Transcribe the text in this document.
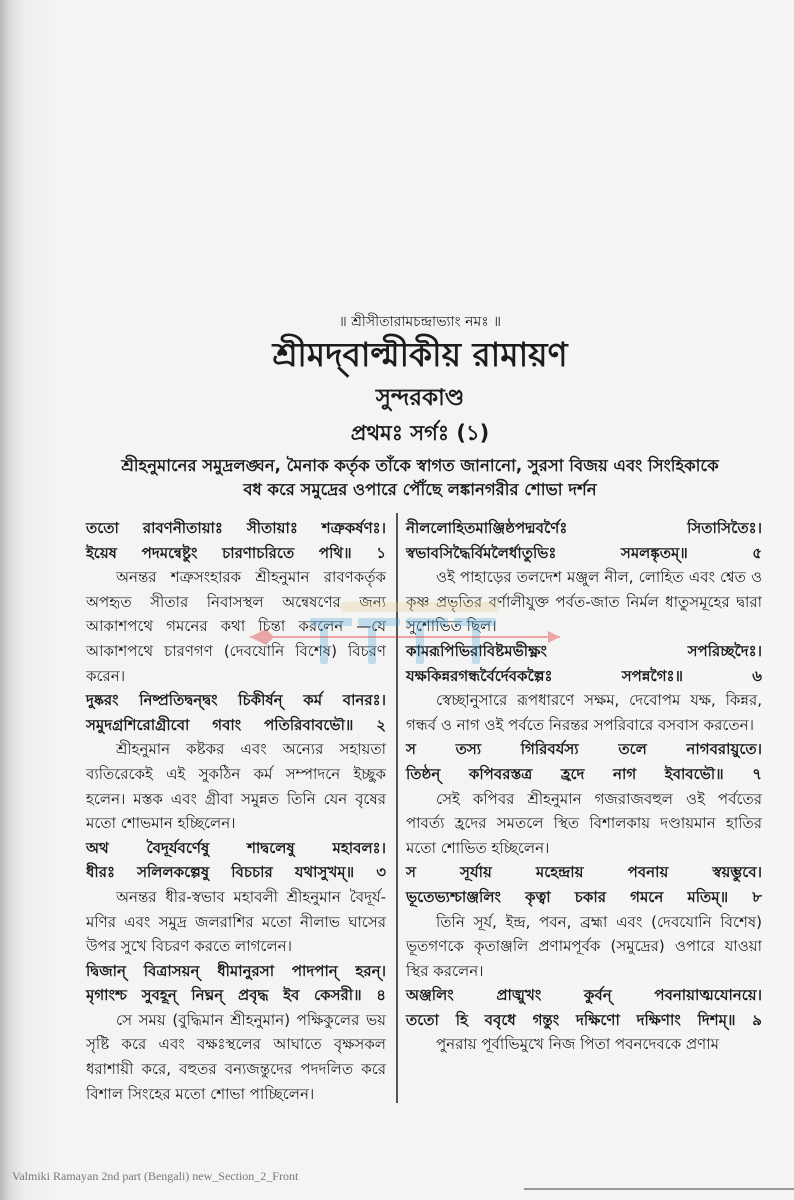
॥ শ্রীসীতারামচন্দ্রাভ্যাং নমঃ ॥
শ্রীমদ্‌বাল্মীকীয় রামায়ণ
সুন্দরকাণ্ড
প্রথমঃ সর্গঃ (১)
শ্রীহনুমানের সমুদ্রলঙ্ঘন, মৈনাক কর্তৃক তাঁকে স্বাগত জানানো, সুরসা বিজয় এবং সিংহিকাকে
বধ করে সমুদ্রের ওপারে পৌঁছে লঙ্কানগরীর শোভা দর্শন
ততো রাবণনীতায়াঃ সীতায়াঃ শত্রুকর্ষণঃ।
ইয়েষ পদমন্বেষ্টুং চারণাচরিতে পথি॥ ১
অনন্তর শত্রুসংহারক শ্রীহনুমান রাবণকর্তৃক অপহৃত সীতার নিবাসস্থল অন্বেষণের জন্য আকাশপথে গমনের কথা চিন্তা করলেন —যে আকাশপথে চারণগণ (দেবযোনি বিশেষ) বিচরণ করেন।
দুষ্করং নিষ্প্রতিদ্বন্দ্বং চিকীর্ষন্ কর্ম বানরঃ।
সমুদগ্রশিরোগ্রীবো গবাং পতিরিবাবভৌ॥ ২
শ্রীহনুমান কষ্টকর এবং অন্যের সহায়তা ব্যতিরেকেই এই সুকঠিন কর্ম সম্পাদনে ইচ্ছুক হলেন। মস্তক এবং গ্রীবা সমুন্নত তিনি যেন বৃষের মতো শোভমান হচ্ছিলেন।
অথ বৈদূর্যবর্ণেষু শাদ্বলেষু মহাবলঃ।
ধীরঃ সলিলকল্পেষু বিচচার যথাসুখম্॥ ৩
অনন্তর ধীর-স্বভাব মহাবলী শ্রীহনুমান বৈদূর্য-মণির এবং সমুদ্র জলরাশির মতো নীলাভ ঘাসের উপর সুখে বিচরণ করতে লাগলেন।
দ্বিজান্ বিত্রাসয়ন্ ধীমানুরসা পাদপান্ হরন্।
মৃগাংশ্চ সুবহূন্ নিঘ্নন্ প্রবৃদ্ধ ইব কেসরী॥ ৪
সে সময় (বুদ্ধিমান শ্রীহনুমান) পক্ষিকুলের ভয় সৃষ্টি করে এবং বক্ষঃস্থলের আঘাতে বৃক্ষসকল ধরাশায়ী করে, বহুতর বন্যজন্তুদের পদদলিত করে বিশাল সিংহের মতো শোভা পাচ্ছিলেন।
নীললোহিতমাঞ্জিষ্ঠপদ্মবর্ণৈঃ সিতাসিতৈঃ।
স্বভাবসিদ্ধৈর্বিমলৈর্ধাতুভিঃ সমলঙ্কৃতম্॥ ৫
ওই পাহাড়ের তলদেশ মঞ্জুল নীল, লোহিত এবং শ্বেত ও কৃষ্ণ প্রভৃতির বর্ণালীযুক্ত পর্বত-জাত নির্মল ধাতুসমূহের দ্বারা সুশোভিত ছিল।
কামরূপিভিরাবিষ্টমভীক্ষ্ণং সপরিচ্ছদৈঃ।
যক্ষকিন্নরগন্ধর্বৈর্দেবকল্পৈঃ সপন্নগৈঃ॥ ৬
স্বেচ্ছানুসারে রূপধারণে সক্ষম, দেবোপম যক্ষ, কিন্নর, গন্ধর্ব ও নাগ ওই পর্বতে নিরন্তর সপরিবারে বসবাস করতেন।
স তস্য গিরিবর্যস্য তলে নাগবরায়ুতে।
তিষ্ঠন্ কপিবরস্তত্র হ্রদে নাগ ইবাবভৌ॥ ৭
সেই কপিবর শ্রীহনুমান গজরাজবহুল ওই পর্বতের পাবর্ত্য হ্রদের সমতলে স্থিত বিশালকায় দণ্ডায়মান হাতির মতো শোভিত হচ্ছিলেন।
স সূর্যায় মহেন্দ্রায় পবনায় স্বয়ম্ভুবে।
ভূতেভ্যশ্চাঞ্জলিং কৃত্বা চকার গমনে মতিম্॥ ৮
তিনি সূর্য, ইন্দ্র, পবন, ব্রহ্মা এবং (দেবযোনি বিশেষ) ভূতগণকে কৃতাঞ্জলি প্রণামপূর্বক (সমুদ্রের) ওপারে যাওয়া স্থির করলেন।
অঞ্জলিং প্রাঙ্মুখং কুর্বন্ পবনায়াত্মযোনয়ে।
ততো হি ববৃধে গন্তুং দক্ষিণো দক্ষিণাং দিশম্॥ ৯
পুনরায় পূর্বাভিমুখে নিজ পিতা পবনদেবকে প্রণাম
Valmiki Ramayan 2nd part (Bengali) new_Section_2_Front
